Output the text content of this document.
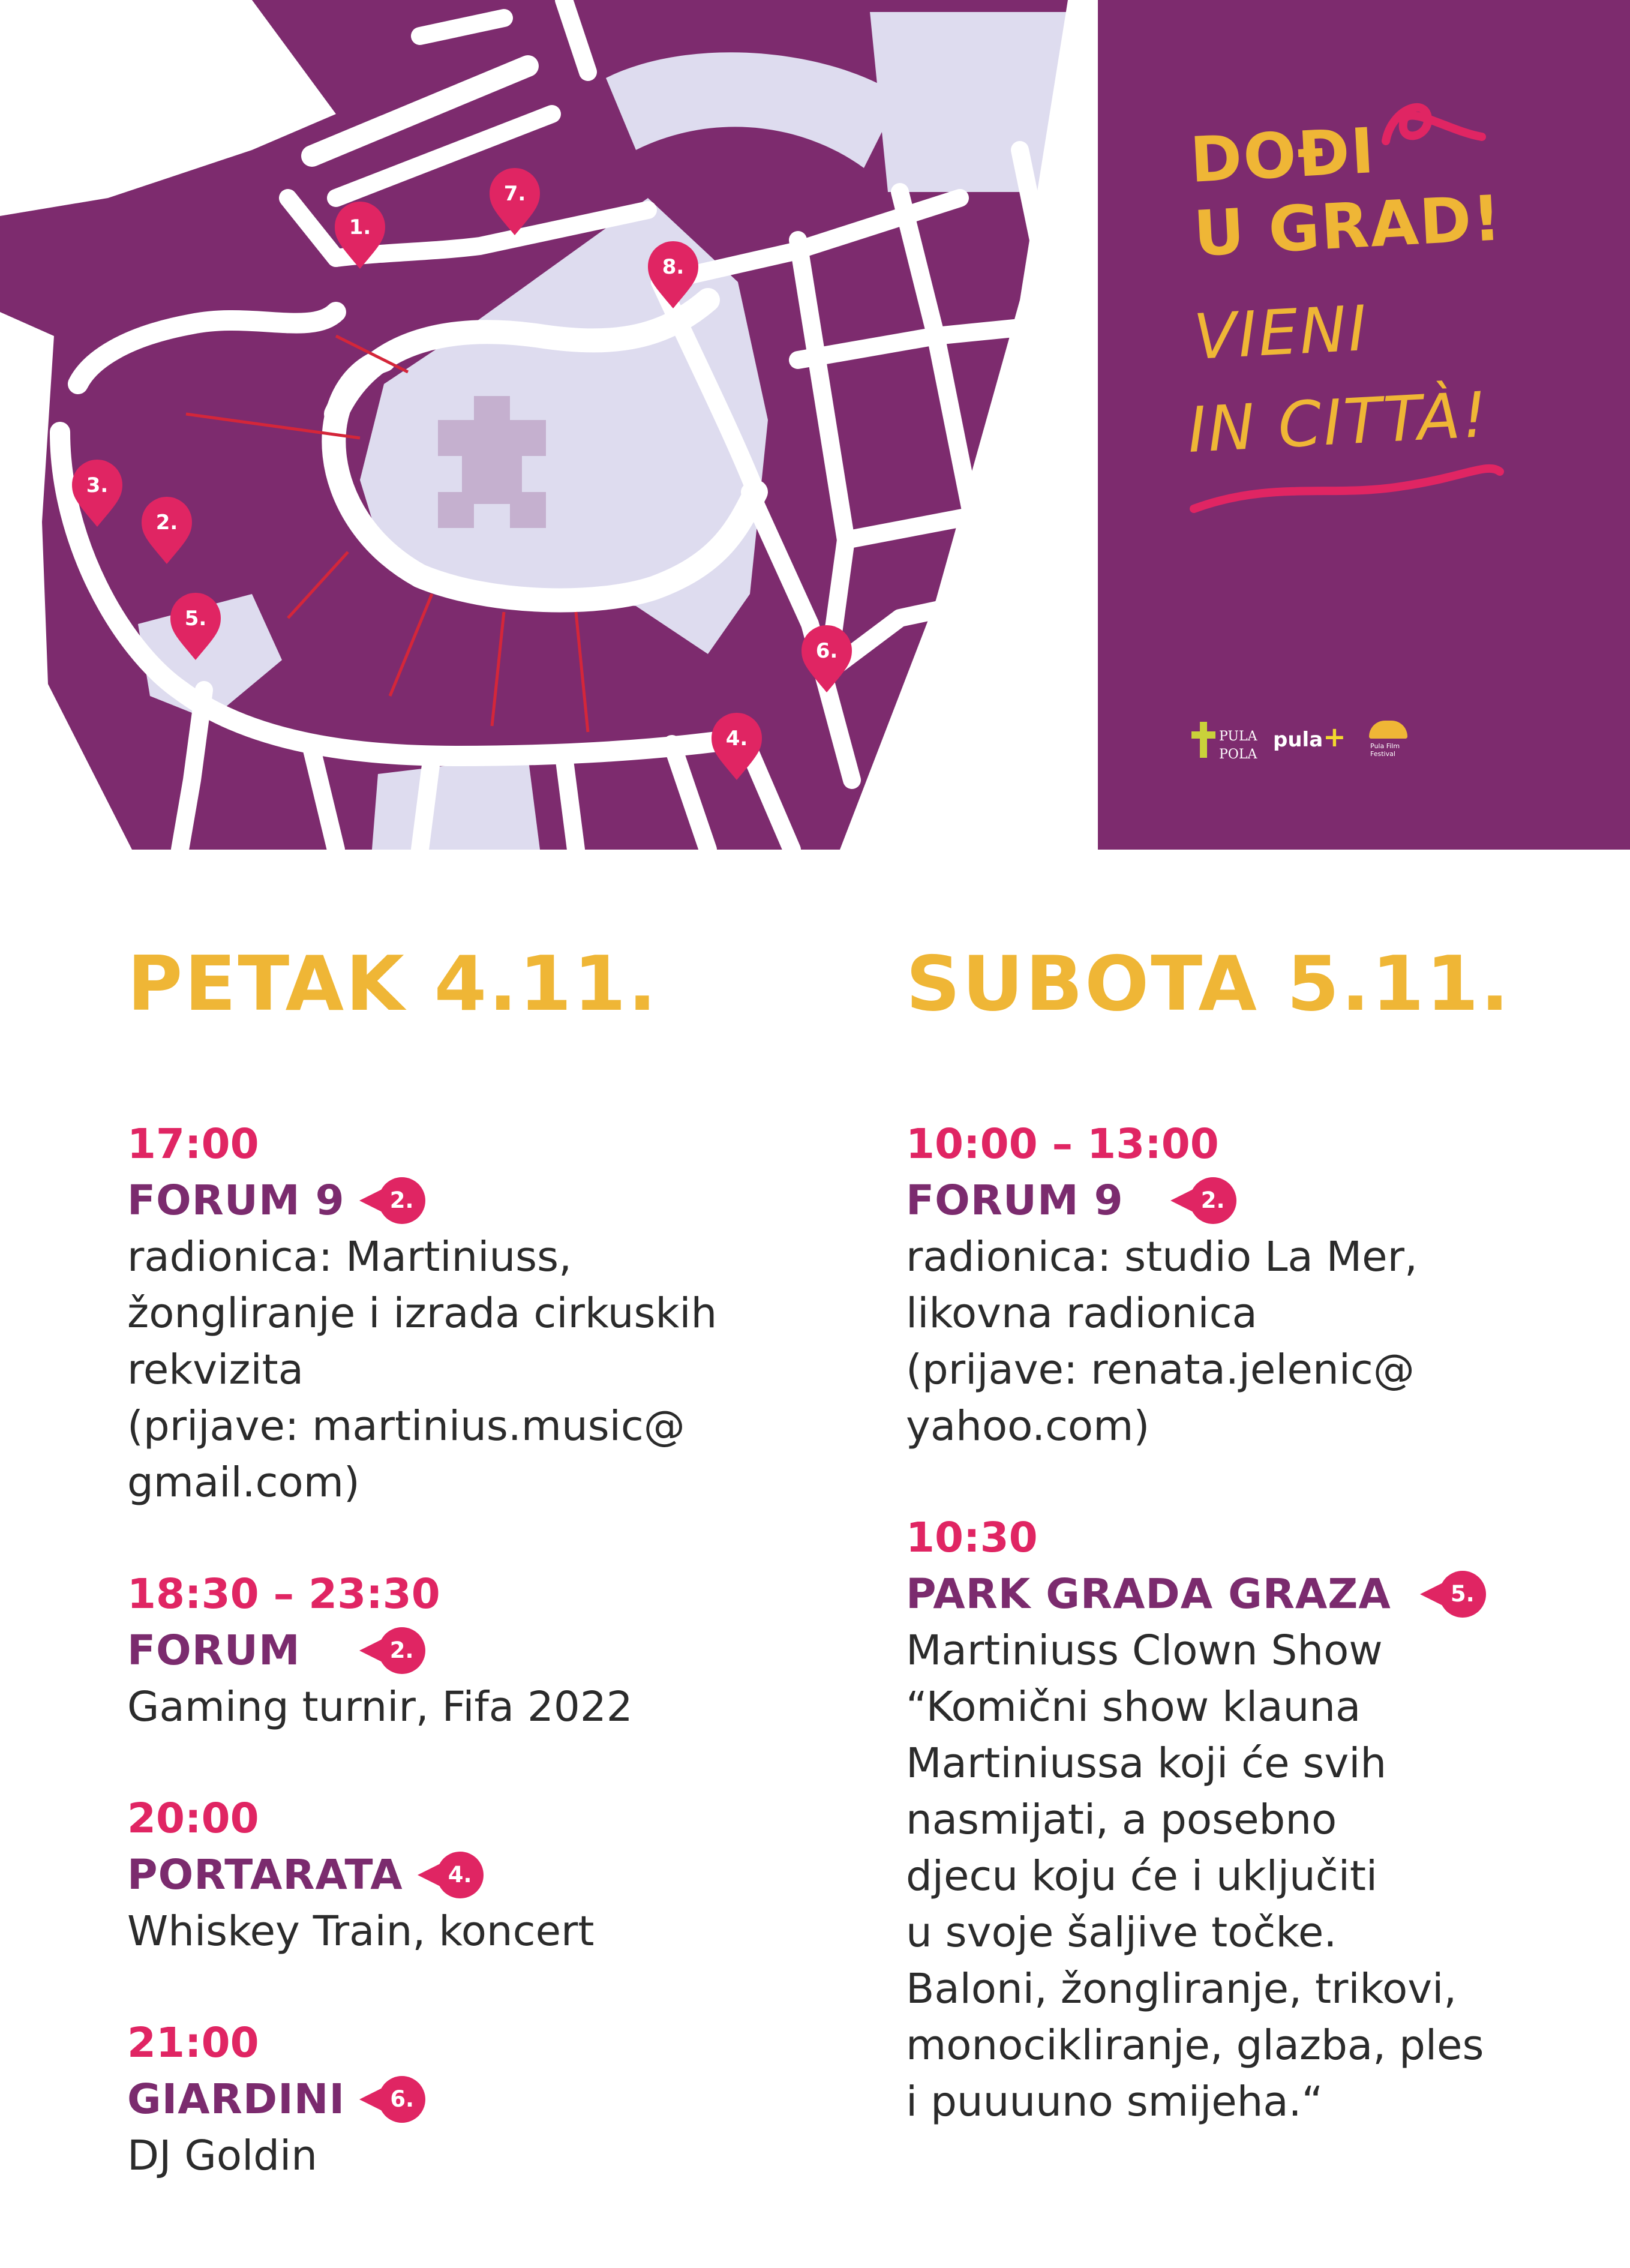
1.
2.
3.
4.
5.
6.
7.
8.

DOĐI

U GRAD!

VIENI

IN CITTÀ!

PULA
POLA
pula+	Pula Film Festival
PETAK 4.11.

17:00

FORUM 9	2.

radionica: Martiniuss,

žongliranje i izrada cirkuskih

rekvizita

(prijave: martinius.music@

gmail.com)

18:30 – 23:30

FORUM	2.

Gaming turnir, Fifa 2022

20:00

PORTARATA	4.

Whiskey Train, koncert

21:00

GIARDINI	6.

DJ Goldin

SUBOTA 5.11.

10:00 – 13:00

FORUM 9	2.

radionica: studio La Mer,

likovna radionica

(prijave: renata.jelenic@

yahoo.com)

10:30

PARK GRADA GRAZA	5.

Martiniuss Clown Show

“Komični show klauna

Martiniussa koji će svih

nasmijati, a posebno

djecu koju će i uključiti

u svoje šaljive točke.

Baloni, žongliranje, trikovi,

monocikliranje, glazba, ples

i puuuuno smijeha.“
